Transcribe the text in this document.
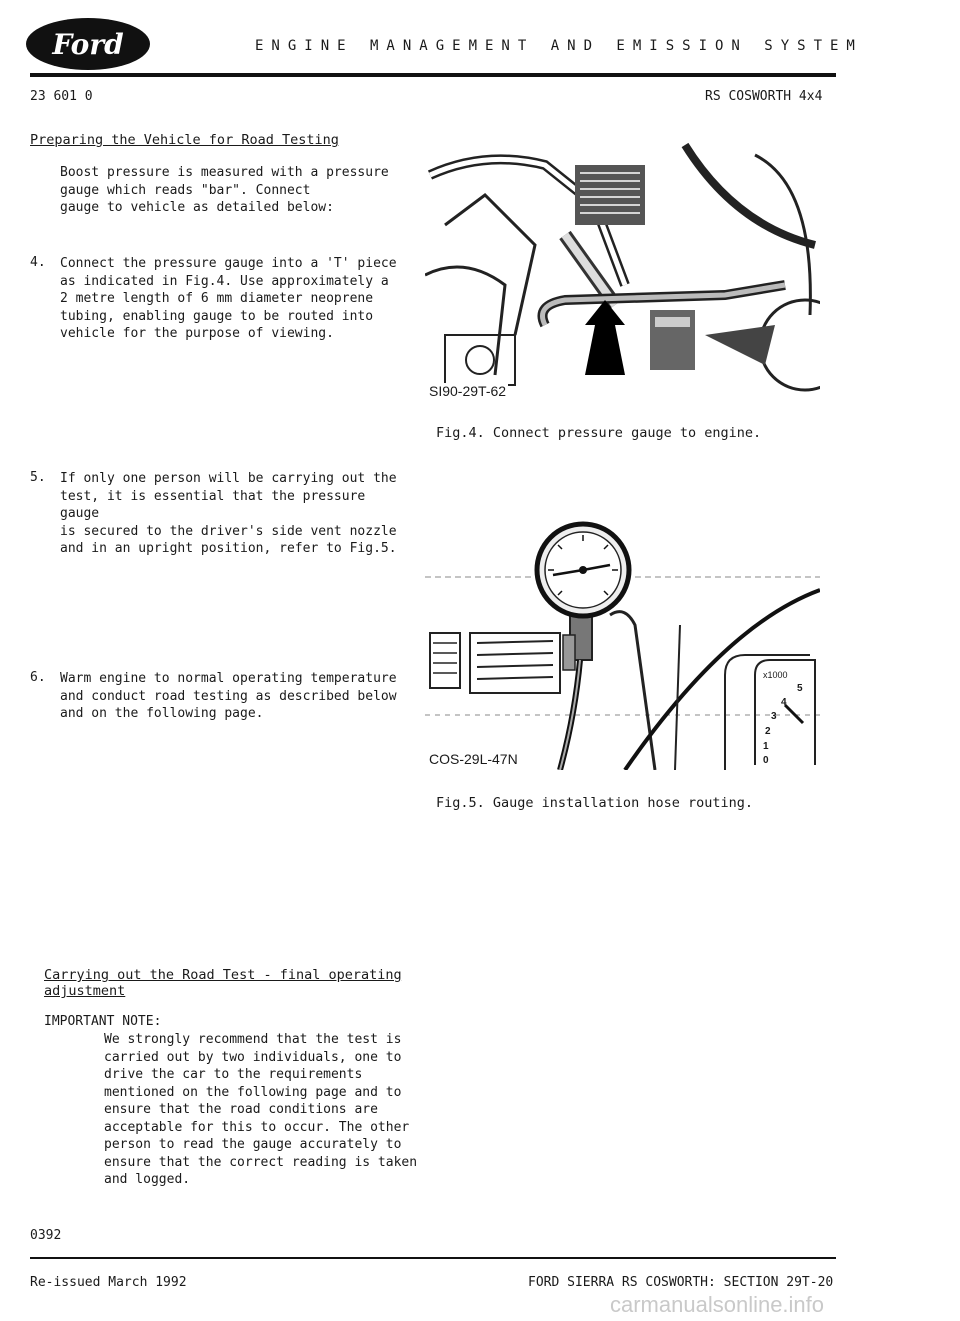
Ford	ENGINE MANAGEMENT AND EMISSION SYSTEM
23 601 0	RS COSWORTH 4x4
Preparing the Vehicle for Road Testing
Boost pressure is measured with a pressure
gauge which reads "bar". Connect
gauge to vehicle as detailed below:
4. Connect the pressure gauge into a 'T' piece
as indicated in Fig.4. Use approximately a
2 metre length of 6 mm diameter neoprene
tubing, enabling gauge to be routed into
vehicle for the purpose of viewing.
5. If only one person will be carrying out the
test, it is essential that the pressure gauge
is secured to the driver's side vent nozzle
and in an upright position, refer to Fig.5.
6. Warm engine to normal operating temperature
and conduct road testing as described below
and on the following page.
SI90-29T-62
Fig.4. Connect pressure gauge to engine.
x1000
5
4
3
2
1
0
COS-29L-47N
Fig.5. Gauge installation hose routing.
Carrying out the Road Test - final operating
adjustment
IMPORTANT NOTE:
We strongly recommend that the test is
carried out by two individuals, one to
drive the car to the requirements
mentioned on the following page and to
ensure that the road conditions are
acceptable for this to occur. The other
person to read the gauge accurately to
ensure that the correct reading is taken
and logged.
0392
Re-issued March 1992	FORD SIERRA RS COSWORTH: SECTION 29T-20
carmanualsonline.info
